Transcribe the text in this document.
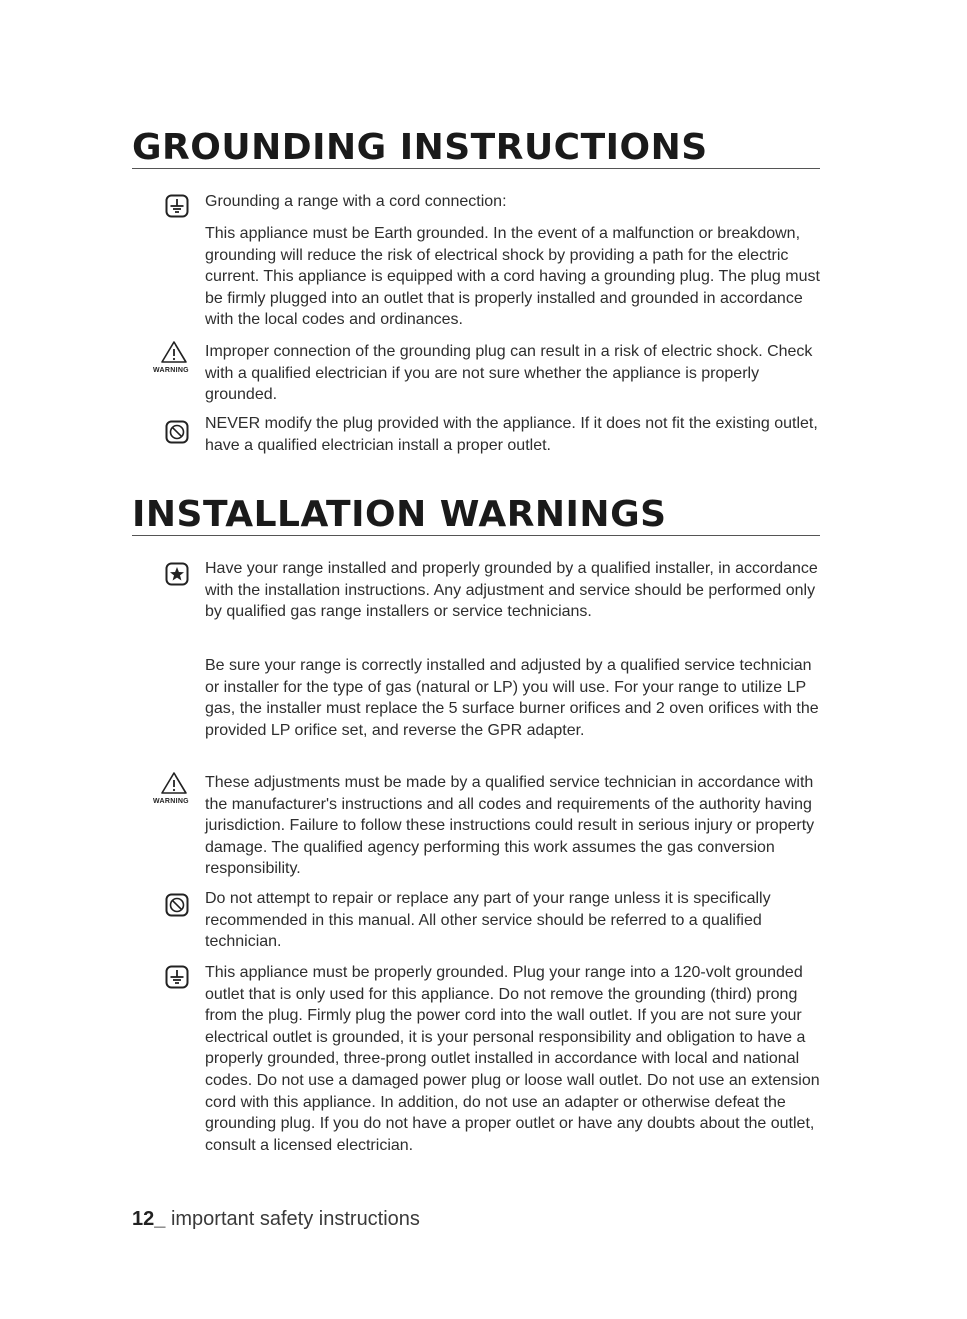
GROUNDING INSTRUCTIONS

Grounding a range with a cord connection:

This appliance must be Earth grounded. In the event of a malfunction or breakdown, grounding will reduce the risk of electrical shock by providing a path for the electric current. This appliance is equipped with a cord having a grounding plug. The plug must be firmly plugged into an outlet that is properly installed and grounded in accordance with the local codes and ordinances.

WARNING

Improper connection of the grounding plug can result in a risk of electric shock. Check with a qualified electrician if you are not sure whether the appliance is properly grounded.

NEVER modify the plug provided with the appliance. If it does not fit the existing outlet, have a qualified electrician install a proper outlet.

INSTALLATION WARNINGS

Have your range installed and properly grounded by a qualified installer, in accordance with the installation instructions. Any adjustment and service should be performed only by qualified gas range installers or service technicians.

Be sure your range is correctly installed and adjusted by a qualified service technician or installer for the type of gas (natural or LP) you will use. For your range to utilize LP gas, the installer must replace the 5 surface burner orifices and 2 oven orifices with the provided LP orifice set, and reverse the GPR adapter.

WARNING

These adjustments must be made by a qualified service technician in accordance with the manufacturer's instructions and all codes and requirements of the authority having jurisdiction. Failure to follow these instructions could result in serious injury or property damage. The qualified agency performing this work assumes the gas conversion responsibility.

Do not attempt to repair or replace any part of your range unless it is specifically recommended in this manual. All other service should be referred to a qualified technician.

This appliance must be properly grounded. Plug your range into a 120-volt grounded outlet that is only used for this appliance. Do not remove the grounding (third) prong from the plug. Firmly plug the power cord into the wall outlet. If you are not sure your electrical outlet is grounded, it is your personal responsibility and obligation to have a properly grounded, three-prong outlet installed in accordance with local and national codes. Do not use a damaged power plug or loose wall outlet. Do not use an extension cord with this appliance. In addition, do not use an adapter or otherwise defeat the grounding plug. If you do not have a proper outlet or have any doubts about the outlet, consult a licensed electrician.

12_ important safety instructions
